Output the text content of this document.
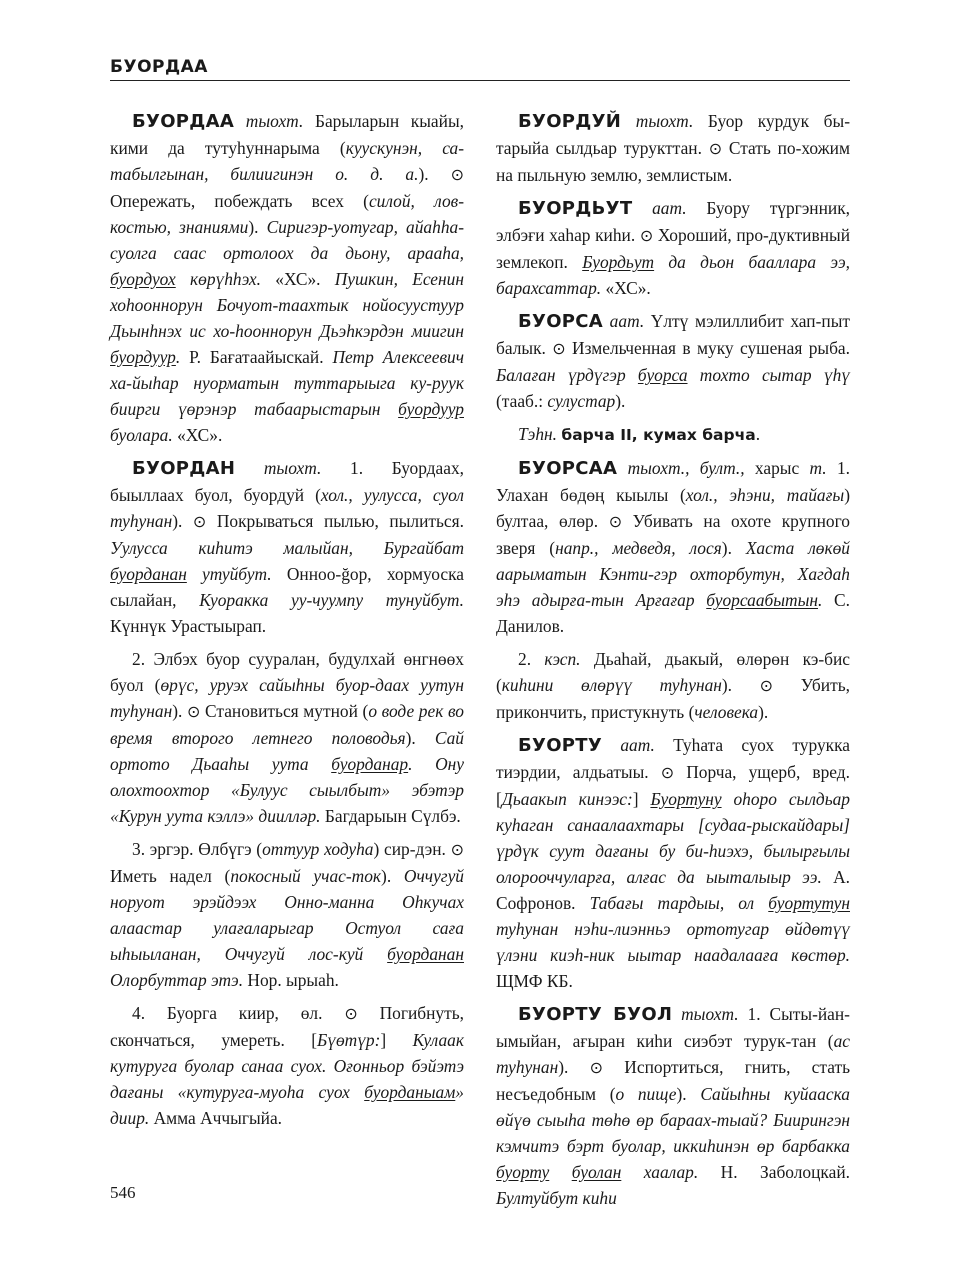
БУОРДАА

БУОРДАА тыохт. Барыларын кыайы, кими да тутуһуннарыма (куускунэн, са-табылгынан, билиигинэн о. д. а.). ⊙ Опережать, побеждать всех (силой, лов-костью, знаниями). Сиригэр-уотугар, айаһһа-суолга саас ортолоох да дьону, арааһа, буордуох көрүһһэх. «ХС». Пушкин, Есенин хоһооннорун Бочуот-таахтык нойосуустуур Дьынһнэх ис хо-һооннорун Дьэһкэрдэн миигин буордуур. Р. Бағатаайыскай. Петр Алексеевич ха-йыһар нуорматын туттарыыга ку-руук биирги үөрэнэр табаарыстарын буордуур буолара. «ХС».

БУОРДАН тыохт. 1. Буордаах, быыллаах буол, буордуй (хол., уулусса, суол туһунан). ⊙ Покрываться пылью, пылиться. Уулусса киһитэ малыйан, Бургайбат буорданан утуйбут. Онноо-ğор, хормуоска сылайан, Куоракка уу-чуумпу тунуйбут. Күннүк Урастыырап.

2. Элбэх буор сууралан, будулхай өнгнөөх буол (өрүс, уруэх сайыһны буор-даах уутун туһунан). ⊙ Становиться мутной (о воде рек во время второго летнего половодья). Сай ортото Дьааһы уута буорданар. Ону олохтоохтор «Булуус сыылбыт» эбэтэр «Курун уута кэллэ» диилләр. Багдарыын Сүлбэ.

3. эргэр. Өлбүгэ (оттуур ходуһа) сир-дэн. ⊙ Иметь надел (покосный учас-ток). Оччугуй норуот эрэйдээх Онно-манна Оһкучах алаастар улағаларыгар Остуол сағa ыһыыланан, Оччугуй лос-куй буорданан Олорбуттар этэ. Нор. ырыаһ.

4. Буорга киир, өл. ⊙ Погибнуть, скончаться, умереть. [Бүөтүр:] Кулаак кутуруга буолар санаа суох. Оғонньор бэйэтэ дағаны «кутуруга-муоһа суох буорданыам» диир. Амма Аччыгыйа.

БУОРДУЙ тыохт. Буор курдук бы-тарыйа сылдьар турукттан. ⊙ Стать по-хожим на пыльную землю, землистым.

БУОРДЬУТ аат. Буору түргэнник, элбэғи хаһар киһи. ⊙ Хороший, про-дуктивный землекоп. Буордьут да дьон бааллара ээ, барахсаттар. «ХС».

БУОРСА аат. Үлтү мэлиллибит хап-пыт балык. ⊙ Измельченная в муку сушеная рыба. Балаған үрдүгэр буорса тохто сытар үһү (тааб.: сулустар).

Тэһн. барча II, кумах барча.

БУОРСАА тыохт., булт., харыс т. 1. Улахан бөдөң кыылы (хол., эһэни, тайағы) бултаа, өлөр. ⊙ Убивать на охоте крупного зверя (напр., медведя, лося). Хаста лөкөй аарыматын Кэнти-гэр охторбутун, Хагдаһ эһэ адырға-тын Арғағар буорсаабытын. С. Данилов.

2. кэсп. Дьаһай, дьакый, өлөрөн кэ-бис (киһини өлөрүү туһунан). ⊙ Убить, прикончить, пристукнуть (человека).

БУОРТУ аат. Туһата суох турукка тиэрдии, алдьатыы. ⊙ Порча, ущерб, вред. [Дьаакып кинээс:] Буортуну оһоро сылдьар куһаган санаалаахтары [судаа-рыскайдары] үрдүк суут дағаны бу би-һиэхэ, былырғылы олорооччуларға, алғас да ыыталыыр ээ. А. Софронов. Табағы тардыы, ол буортутун туһунан нэһи-лиэнньэ ортотугар өйдөтүү үлэни киэһ-ник ыытар наадалаағa көстөр. ЩМФ КБ.

БУОРТУ БУОЛ тыохт. 1. Сыты-йан-ымыйан, ағыран киһи сиэбэт турук-тан (ас туһунан). ⊙ Испортиться, гнить, стать несъедобным (о пище). Сайыһны куйааска өйүө сыыһа төһө өр бараах-тыай? Биирингэн кэмчитэ бэрт буолар, иккиһинэн өр барбакка буорту буолан хаалар. Н. Заболоцкай. Бултуйбут киһи

546
